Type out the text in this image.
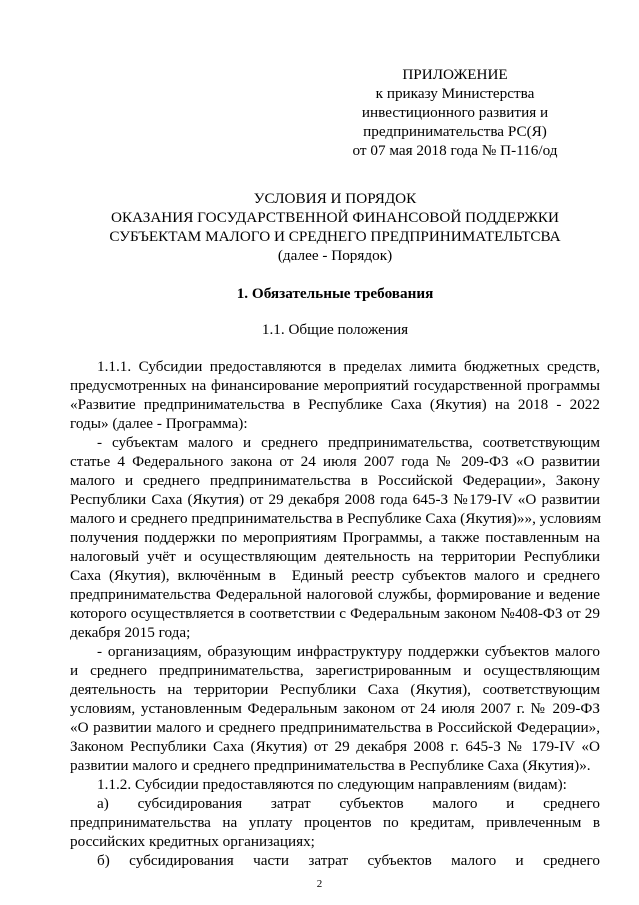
ПРИЛОЖЕНИЕ
к приказу Министерства
инвестиционного развития и
предпринимательства РС(Я)
от 07 мая 2018 года № П-116/од
УСЛОВИЯ И ПОРЯДОК
ОКАЗАНИЯ ГОСУДАРСТВЕННОЙ ФИНАНСОВОЙ ПОДДЕРЖКИ
СУБЪЕКТАМ МАЛОГО И СРЕДНЕГО ПРЕДПРИНИМАТЕЛЬТСВА
(далее - Порядок)
1. Обязательные требования
1.1. Общие положения
1.1.1. Субсидии предоставляются в пределах лимита бюджетных средств,
предусмотренных на финансирование мероприятий государственной программы
«Развитие предпринимательства в Республике Саха (Якутия) на 2018 - 2022
годы» (далее - Программа):
- субъектам малого и среднего предпринимательства, соответствующим
статье 4 Федерального закона от 24 июля 2007 года № 209-ФЗ «О развитии
малого и среднего предпринимательства в Российской Федерации», Закону
Республики Саха (Якутия) от 29 декабря 2008 года 645-З №179-IV «О развитии
малого и среднего предпринимательства в Республике Саха (Якутия)»», условиям
получения поддержки по мероприятиям Программы, а также поставленным на
налоговый учёт и осуществляющим деятельность на территории Республики
Саха (Якутия), включённым в  Единый реестр субъектов малого и среднего
предпринимательства Федеральной налоговой службы, формирование и ведение
которого осуществляется в соответствии с Федеральным законом №408-ФЗ от 29
декабря 2015 года;
- организациям, образующим инфраструктуру поддержки субъектов малого
и среднего предпринимательства, зарегистрированным и осуществляющим
деятельность на территории Республики Саха (Якутия), соответствующим
условиям, установленным Федеральным законом от 24 июля 2007 г. № 209-ФЗ
«О развитии малого и среднего предпринимательства в Российской Федерации»,
Законом Республики Саха (Якутия) от 29 декабря 2008 г. 645-З № 179-IV «О
развитии малого и среднего предпринимательства в Республике Саха (Якутия)».
1.1.2. Субсидии предоставляются по следующим направлениям (видам):
а)  субсидирования  затрат  субъектов  малого  и  среднего
предпринимательства на уплату процентов по кредитам, привлеченным в
российских кредитных организациях;
б)  субсидирования  части  затрат  субъектов  малого  и  среднего
2
